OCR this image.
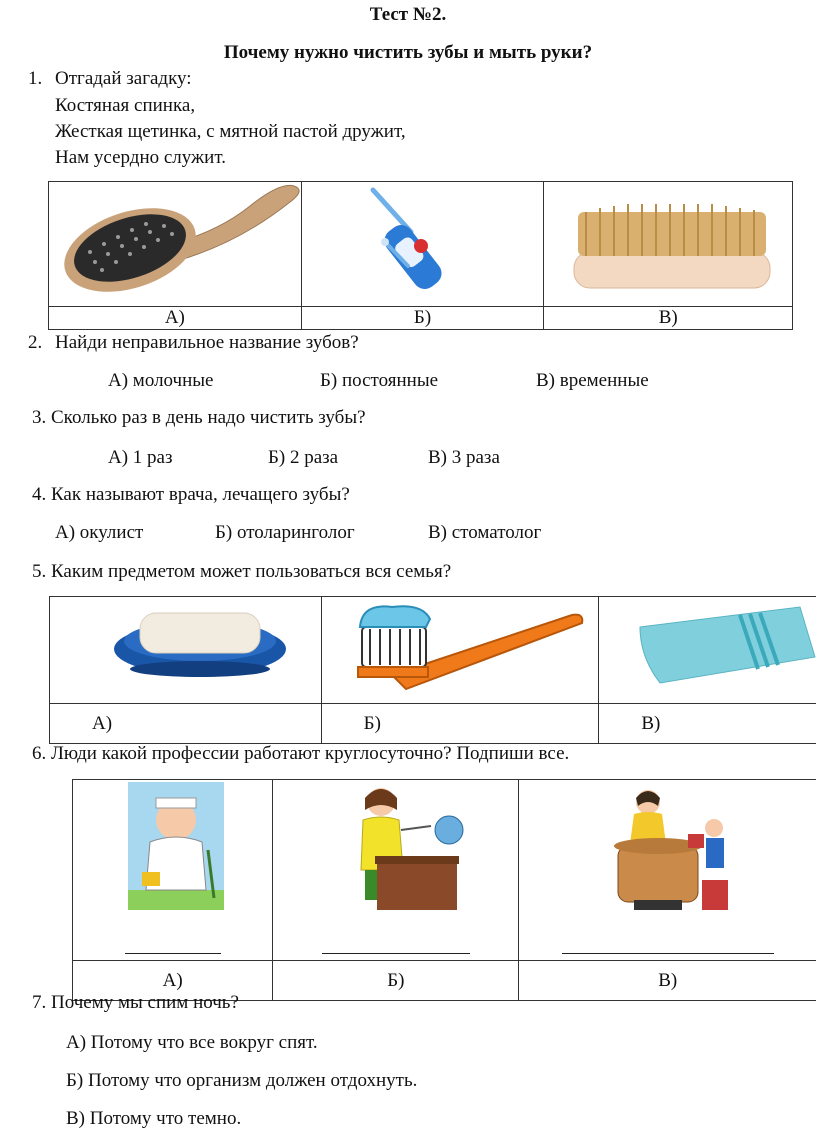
Тест №2.
Почему нужно чистить зубы и мыть руки?
1. Отгадай загадку:
Костяная спинка,
Жесткая щетинка, с мятной пастой дружит,
Нам усердно служит.

А)	Б)	В)
2. Найди неправильное название зубов?
А) молочные	Б) постоянные	В) временные
3. Сколько раз в день надо чистить зубы?
А) 1 раз	Б) 2 раза	В) 3 раза
4. Как называют врача, лечащего зубы?
А) окулист	Б) отоларинголог	В) стоматолог
5. Каким предметом может пользоваться вся семья?

А)	Б)	В)
6. Люди какой профессии работают круглосуточно? Подпиши все.

А)	Б)	В)
7. Почему мы спим ночь?
А) Потому что все вокруг спят.
Б) Потому что организм должен отдохнуть.
В) Потому что темно.
